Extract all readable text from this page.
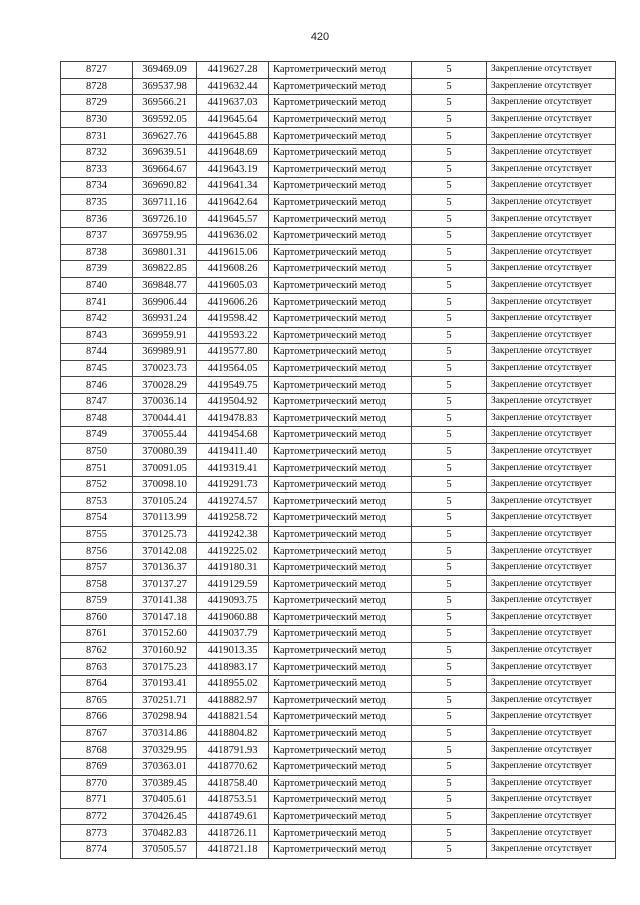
420
8727	369469.09	4419627.28	Картометрический метод	5	Закрепление отсутствует
8728	369537.98	4419632.44	Картометрический метод	5	Закрепление отсутствует
8729	369566.21	4419637.03	Картометрический метод	5	Закрепление отсутствует
8730	369592.05	4419645.64	Картометрический метод	5	Закрепление отсутствует
8731	369627.76	4419645.88	Картометрический метод	5	Закрепление отсутствует
8732	369639.51	4419648.69	Картометрический метод	5	Закрепление отсутствует
8733	369664.67	4419643.19	Картометрический метод	5	Закрепление отсутствует
8734	369690.82	4419641.34	Картометрический метод	5	Закрепление отсутствует
8735	369711.16	4419642.64	Картометрический метод	5	Закрепление отсутствует
8736	369726.10	4419645.57	Картометрический метод	5	Закрепление отсутствует
8737	369759.95	4419636.02	Картометрический метод	5	Закрепление отсутствует
8738	369801.31	4419615.06	Картометрический метод	5	Закрепление отсутствует
8739	369822.85	4419608.26	Картометрический метод	5	Закрепление отсутствует
8740	369848.77	4419605.03	Картометрический метод	5	Закрепление отсутствует
8741	369906.44	4419606.26	Картометрический метод	5	Закрепление отсутствует
8742	369931.24	4419598.42	Картометрический метод	5	Закрепление отсутствует
8743	369959.91	4419593.22	Картометрический метод	5	Закрепление отсутствует
8744	369989.91	4419577.80	Картометрический метод	5	Закрепление отсутствует
8745	370023.73	4419564.05	Картометрический метод	5	Закрепление отсутствует
8746	370028.29	4419549.75	Картометрический метод	5	Закрепление отсутствует
8747	370036.14	4419504.92	Картометрический метод	5	Закрепление отсутствует
8748	370044.41	4419478.83	Картометрический метод	5	Закрепление отсутствует
8749	370055.44	4419454.68	Картометрический метод	5	Закрепление отсутствует
8750	370080.39	4419411.40	Картометрический метод	5	Закрепление отсутствует
8751	370091.05	4419319.41	Картометрический метод	5	Закрепление отсутствует
8752	370098.10	4419291.73	Картометрический метод	5	Закрепление отсутствует
8753	370105.24	4419274.57	Картометрический метод	5	Закрепление отсутствует
8754	370113.99	4419258.72	Картометрический метод	5	Закрепление отсутствует
8755	370125.73	4419242.38	Картометрический метод	5	Закрепление отсутствует
8756	370142.08	4419225.02	Картометрический метод	5	Закрепление отсутствует
8757	370136.37	4419180.31	Картометрический метод	5	Закрепление отсутствует
8758	370137.27	4419129.59	Картометрический метод	5	Закрепление отсутствует
8759	370141.38	4419093.75	Картометрический метод	5	Закрепление отсутствует
8760	370147.18	4419060.88	Картометрический метод	5	Закрепление отсутствует
8761	370152.60	4419037.79	Картометрический метод	5	Закрепление отсутствует
8762	370160.92	4419013.35	Картометрический метод	5	Закрепление отсутствует
8763	370175.23	4418983.17	Картометрический метод	5	Закрепление отсутствует
8764	370193.41	4418955.02	Картометрический метод	5	Закрепление отсутствует
8765	370251.71	4418882.97	Картометрический метод	5	Закрепление отсутствует
8766	370298.94	4418821.54	Картометрический метод	5	Закрепление отсутствует
8767	370314.86	4418804.82	Картометрический метод	5	Закрепление отсутствует
8768	370329.95	4418791.93	Картометрический метод	5	Закрепление отсутствует
8769	370363.01	4418770.62	Картометрический метод	5	Закрепление отсутствует
8770	370389.45	4418758.40	Картометрический метод	5	Закрепление отсутствует
8771	370405.61	4418753.51	Картометрический метод	5	Закрепление отсутствует
8772	370426.45	4418749.61	Картометрический метод	5	Закрепление отсутствует
8773	370482.83	4418726.11	Картометрический метод	5	Закрепление отсутствует
8774	370505.57	4418721.18	Картометрический метод	5	Закрепление отсутствует
